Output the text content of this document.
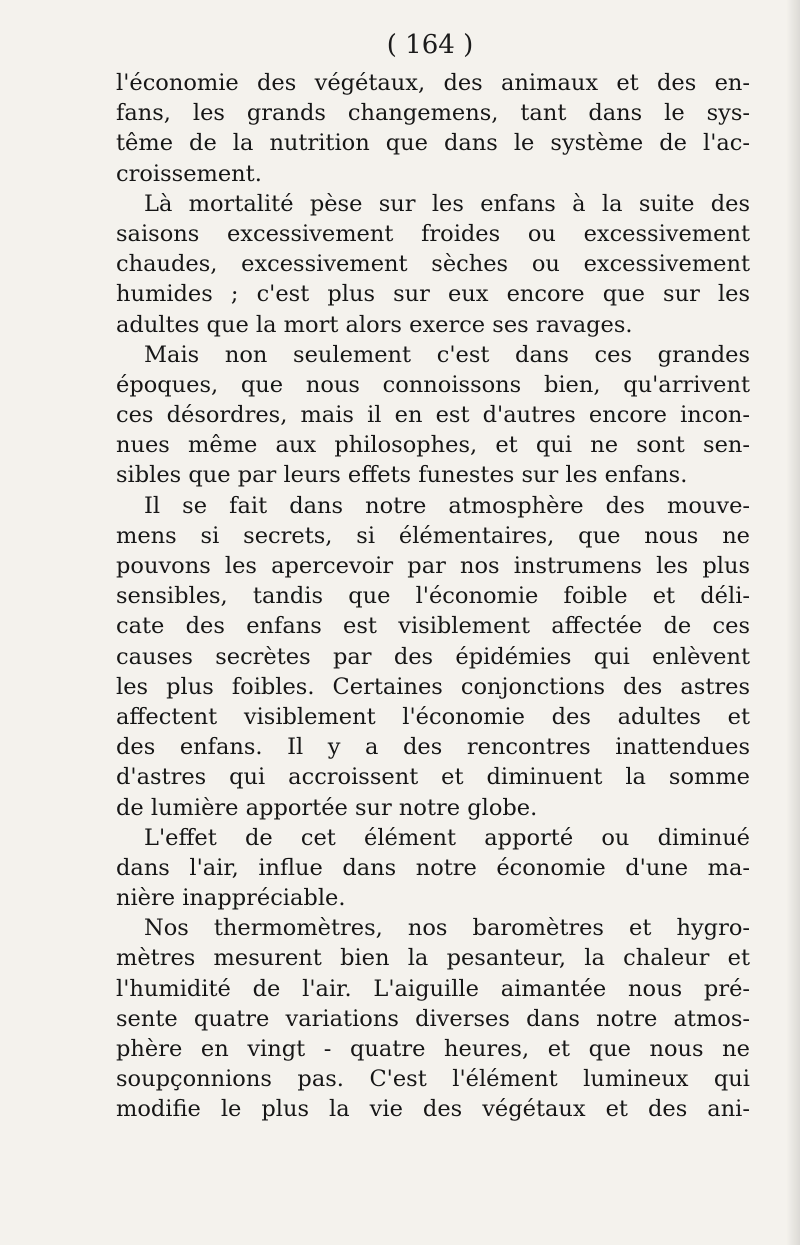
( 164 )
l'économie des végétaux, des animaux et des en-
fans, les grands changemens, tant dans le sys-
tême de la nutrition que dans le système de l'ac-
croissement.
Là mortalité pèse sur les enfans à la suite des
saisons excessivement froides ou excessivement
chaudes, excessivement sèches ou excessivement
humides ; c'est plus sur eux encore que sur les
adultes que la mort alors exerce ses ravages.
Mais non seulement c'est dans ces grandes
époques, que nous connoissons bien, qu'arrivent
ces désordres, mais il en est d'autres encore incon-
nues même aux philosophes, et qui ne sont sen-
sibles que par leurs effets funestes sur les enfans.
Il se fait dans notre atmosphère des mouve-
mens si secrets, si élémentaires, que nous ne
pouvons les apercevoir par nos instrumens les plus
sensibles, tandis que l'économie foible et déli-
cate des enfans est visiblement affectée de ces
causes secrètes par des épidémies qui enlèvent
les plus foibles. Certaines conjonctions des astres
affectent visiblement l'économie des adultes et
des enfans. Il y a des rencontres inattendues
d'astres qui accroissent et diminuent la somme
de lumière apportée sur notre globe.
L'effet de cet élément apporté ou diminué
dans l'air, influe dans notre économie d'une ma-
nière inappréciable.
Nos thermomètres, nos baromètres et hygro-
mètres mesurent bien la pesanteur, la chaleur et
l'humidité de l'air. L'aiguille aimantée nous pré-
sente quatre variations diverses dans notre atmos-
phère en vingt - quatre heures, et que nous ne
soupçonnions pas. C'est l'élément lumineux qui
modifie le plus la vie des végétaux et des ani-
